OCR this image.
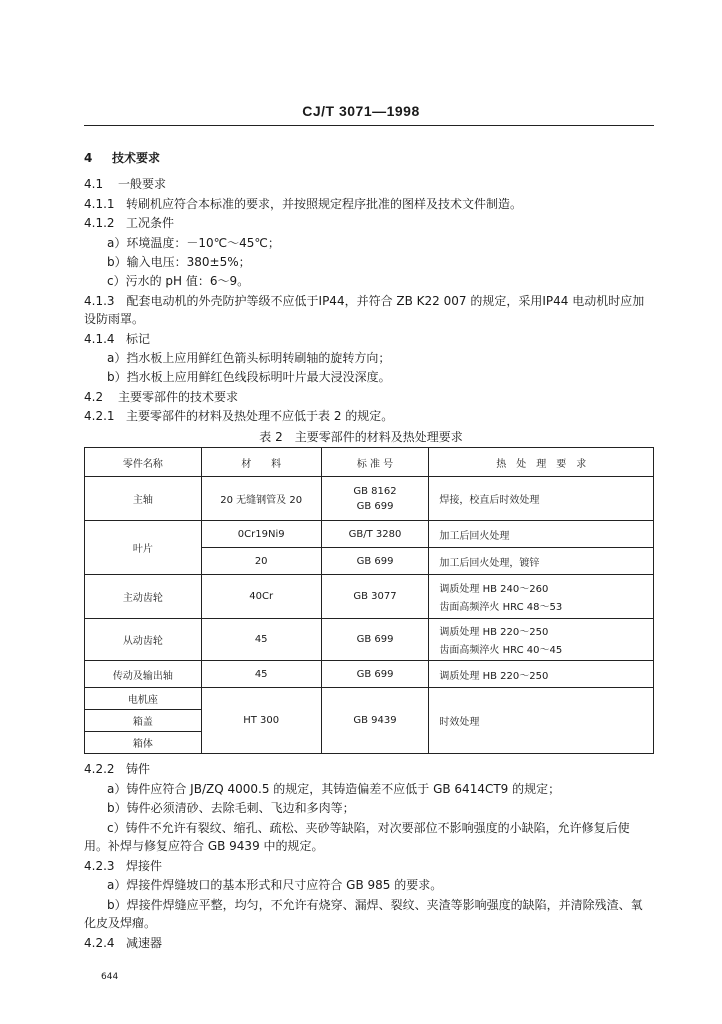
CJ/T 3071—1998
4 技术要求
4.1 一般要求
4.1.1 转刷机应符合本标准的要求，并按照规定程序批准的图样及技术文件制造。
4.1.2 工况条件
a）环境温度：－10℃～45℃；
b）输入电压：380±5%；
c）污水的 pH 值：6～9。
4.1.3　配套电动机的外壳防护等级不应低于IP44，并符合 ZB K22 007 的规定，采用IP44 电动机时应加设防雨罩。
4.1.4 标记
a）挡水板上应用鲜红色箭头标明转刷轴的旋转方向；
b）挡水板上应用鲜红色线段标明叶片最大浸没深度。
4.2 主要零部件的技术要求
4.2.1 主要零部件的材料及热处理不应低于表 2 的规定。
表 2　主要零部件的材料及热处理要求
零件名称	材　　料	标 准 号	热　处　理　要　求
主轴	20 无缝钢管及 20	GB 8162
GB 699	焊接，校直后时效处理
叶片	0Cr19Ni9	GB/T 3280	加工后回火处理
	20	GB 699	加工后回火处理，镀锌
主动齿轮	40Cr	GB 3077	调质处理 HB 240～260
齿面高频淬火 HRC 48～53

从动齿轮	45	GB 699	调质处理 HB 220～250
齿面高频淬火 HRC 40～45

传动及输出轴	45	GB 699	调质处理 HB 220～250
电机座	HT 300	GB 9439	时效处理
箱盖			
箱体			
4.2.2 铸件
a）铸件应符合 JB/ZQ 4000.5 的规定，其铸造偏差不应低于 GB 6414CT9 的规定；
b）铸件必须清砂、去除毛刺、飞边和多肉等；
c）铸件不允许有裂纹、缩孔、疏松、夹砂等缺陷，对次要部位不影响强度的小缺陷，允许修复后使用。补焊与修复应符合 GB 9439 中的规定。
4.2.3 焊接件
a）焊接件焊缝坡口的基本形式和尺寸应符合 GB 985 的要求。
b）焊接件焊缝应平整，均匀，不允许有烧穿、漏焊、裂纹、夹渣等影响强度的缺陷，并清除残渣、氧化皮及焊瘤。
4.2.4 减速器
644
